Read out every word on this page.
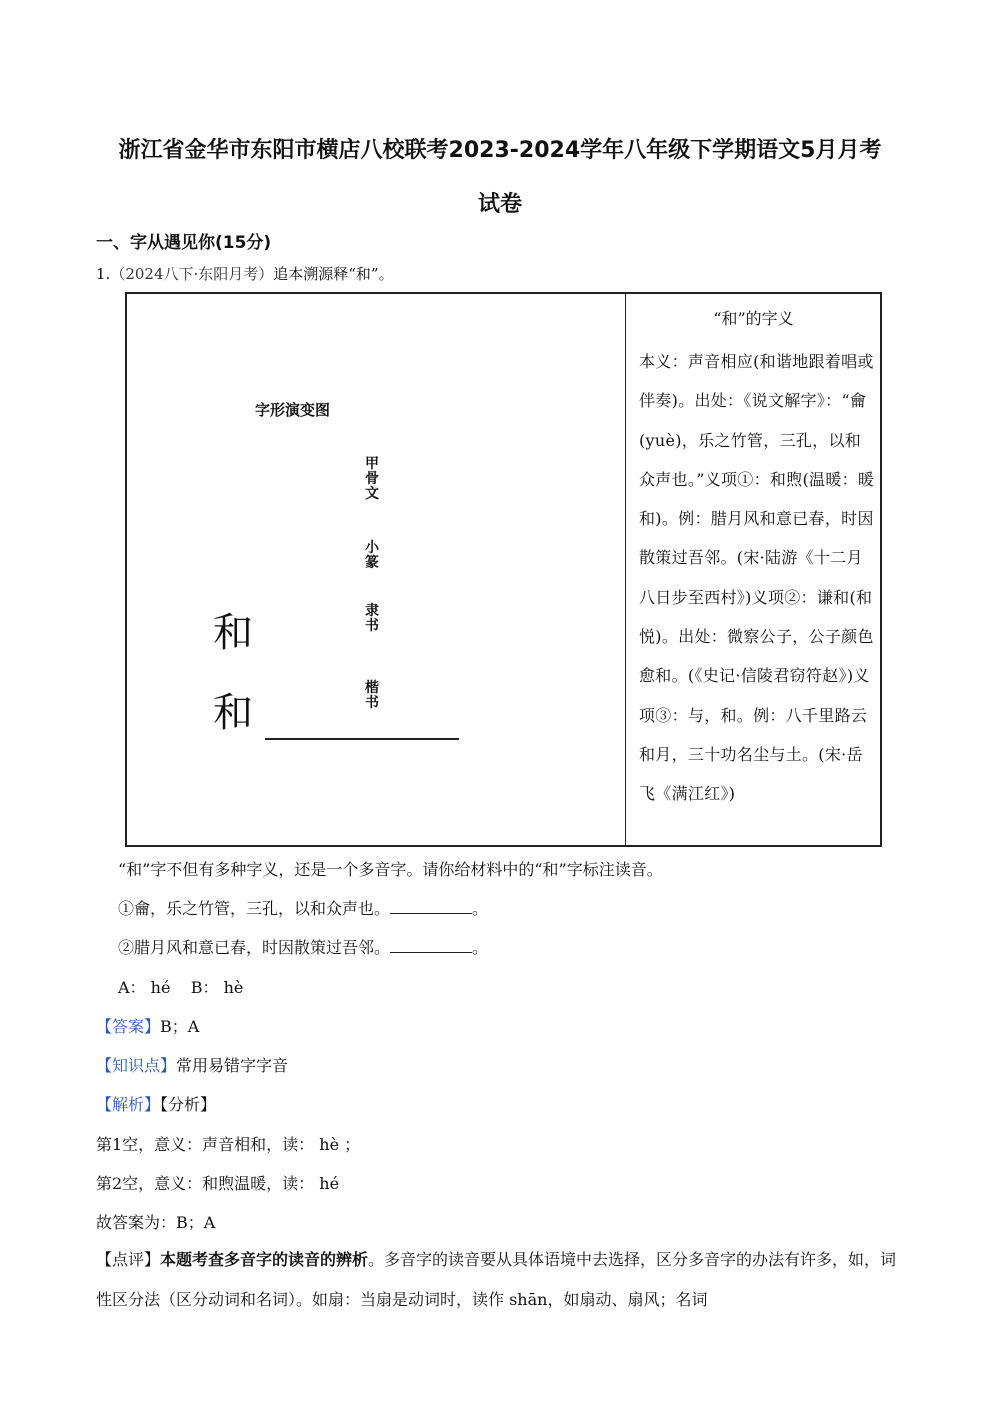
浙江省金华市东阳市横店八校联考2023-2024学年八年级下学期语文5月月考
试卷
一、字从遇见你(15分)
1.（2024八下·东阳月考）追本溯源释“和”。
字形演变图
甲骨文
小篆
隶书
楷书
和
和
“和”的字义
本义：声音相应(和谐地跟着唱或伴奏)。出处：《说文解字》：“龠(yuè)，乐之竹管，三孔，以和众声也。”义项①：和煦(温暖：暖和)。例：腊月风和意已春，时因散策过吾邻。(宋·陆游《十二月八日步至西村》)义项②：谦和(和悦)。出处：微察公子，公子颜色愈和。(《史记·信陵君窃符赵》)义项③：与，和。例：八千里路云和月，三十功名尘与土。(宋·岳飞《满江红》)
“和”字不但有多种字义，还是一个多音字。请你给材料中的“和”字标注读音。
①龠，乐之竹管，三孔，以和众声也。	。
②腊月风和意已春，时因散策过吾邻。	。
A： hé    B： hè
【答案】B；A
【知识点】常用易错字字音
【解析】【分析】
第1空，意义：声音相和，读： hè ；
第2空，意义：和煦温暖，读： hé
故答案为：B；A
【点评】本题考查多音字的读音的辨析。多音字的读音要从具体语境中去选择，区分多音字的办法有许多，如，词性区分法（区分动词和名词）。如扇：当扇是动词时，读作 shān，如扇动、扇风；名词
